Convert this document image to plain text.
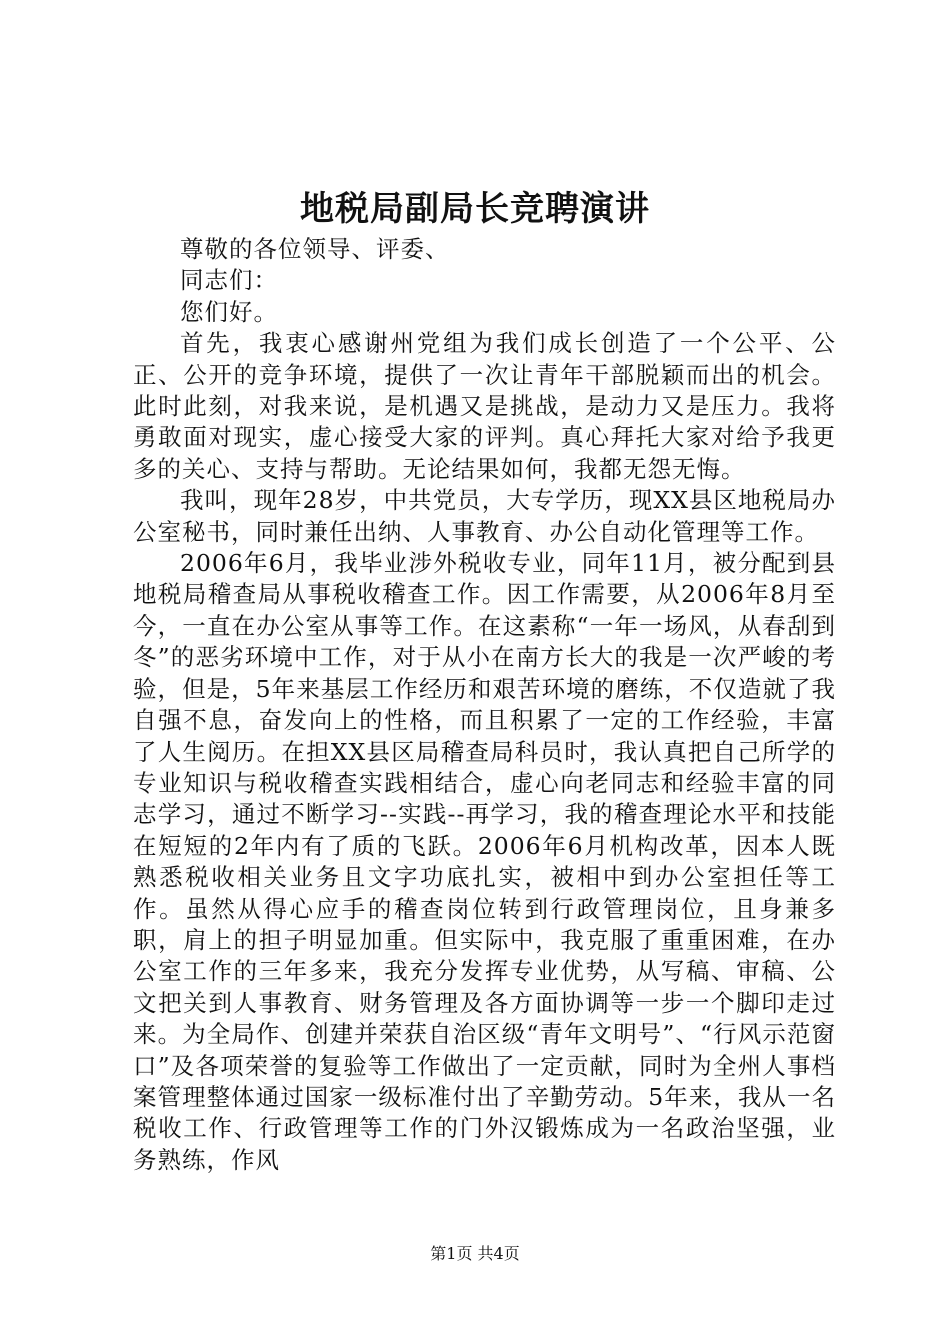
地税局副局长竞聘演讲

尊敬的各位领导、评委、

同志们：

您们好。

首先，我衷心感谢州党组为我们成长创造了一个公平、公正、公开的竞争环境，提供了一次让青年干部脱颖而出的机会。此时此刻，对我来说，是机遇又是挑战，是动力又是压力。我将勇敢面对现实，虚心接受大家的评判。真心拜托大家对给予我更多的关心、支持与帮助。无论结果如何，我都无怨无悔。

我叫，现年28岁，中共党员，大专学历，现XX县区地税局办公室秘书，同时兼任出纳、人事教育、办公自动化管理等工作。

2006年6月，我毕业涉外税收专业，同年11月，被分配到县地税局稽查局从事税收稽查工作。因工作需要，从2006年8月至今，一直在办公室从事等工作。在这素称“一年一场风，从春刮到冬”的恶劣环境中工作，对于从小在南方长大的我是一次严峻的考验，但是，5年来基层工作经历和艰苦环境的磨练，不仅造就了我自强不息，奋发向上的性格，而且积累了一定的工作经验，丰富了人生阅历。在担XX县区局稽查局科员时，我认真把自己所学的专业知识与税收稽查实践相结合，虚心向老同志和经验丰富的同志学习，通过不断学习--实践--再学习，我的稽查理论水平和技能在短短的2年内有了质的飞跃。2006年6月机构改革，因本人既熟悉税收相关业务且文字功底扎实，被相中到办公室担任等工作。虽然从得心应手的稽查岗位转到行政管理岗位，且身兼多职，肩上的担子明显加重。但实际中，我克服了重重困难，在办公室工作的三年多来，我充分发挥专业优势，从写稿、审稿、公文把关到人事教育、财务管理及各方面协调等一步一个脚印走过来。为全局作、创建并荣获自治区级“青年文明号”、“行风示范窗口”及各项荣誉的复验等工作做出了一定贡献，同时为全州人事档案管理整体通过国家一级标准付出了辛勤劳动。5年来，我从一名税收工作、行政管理等工作的门外汉锻炼成为一名政治坚强，业务熟练，作风

第1页 共4页
